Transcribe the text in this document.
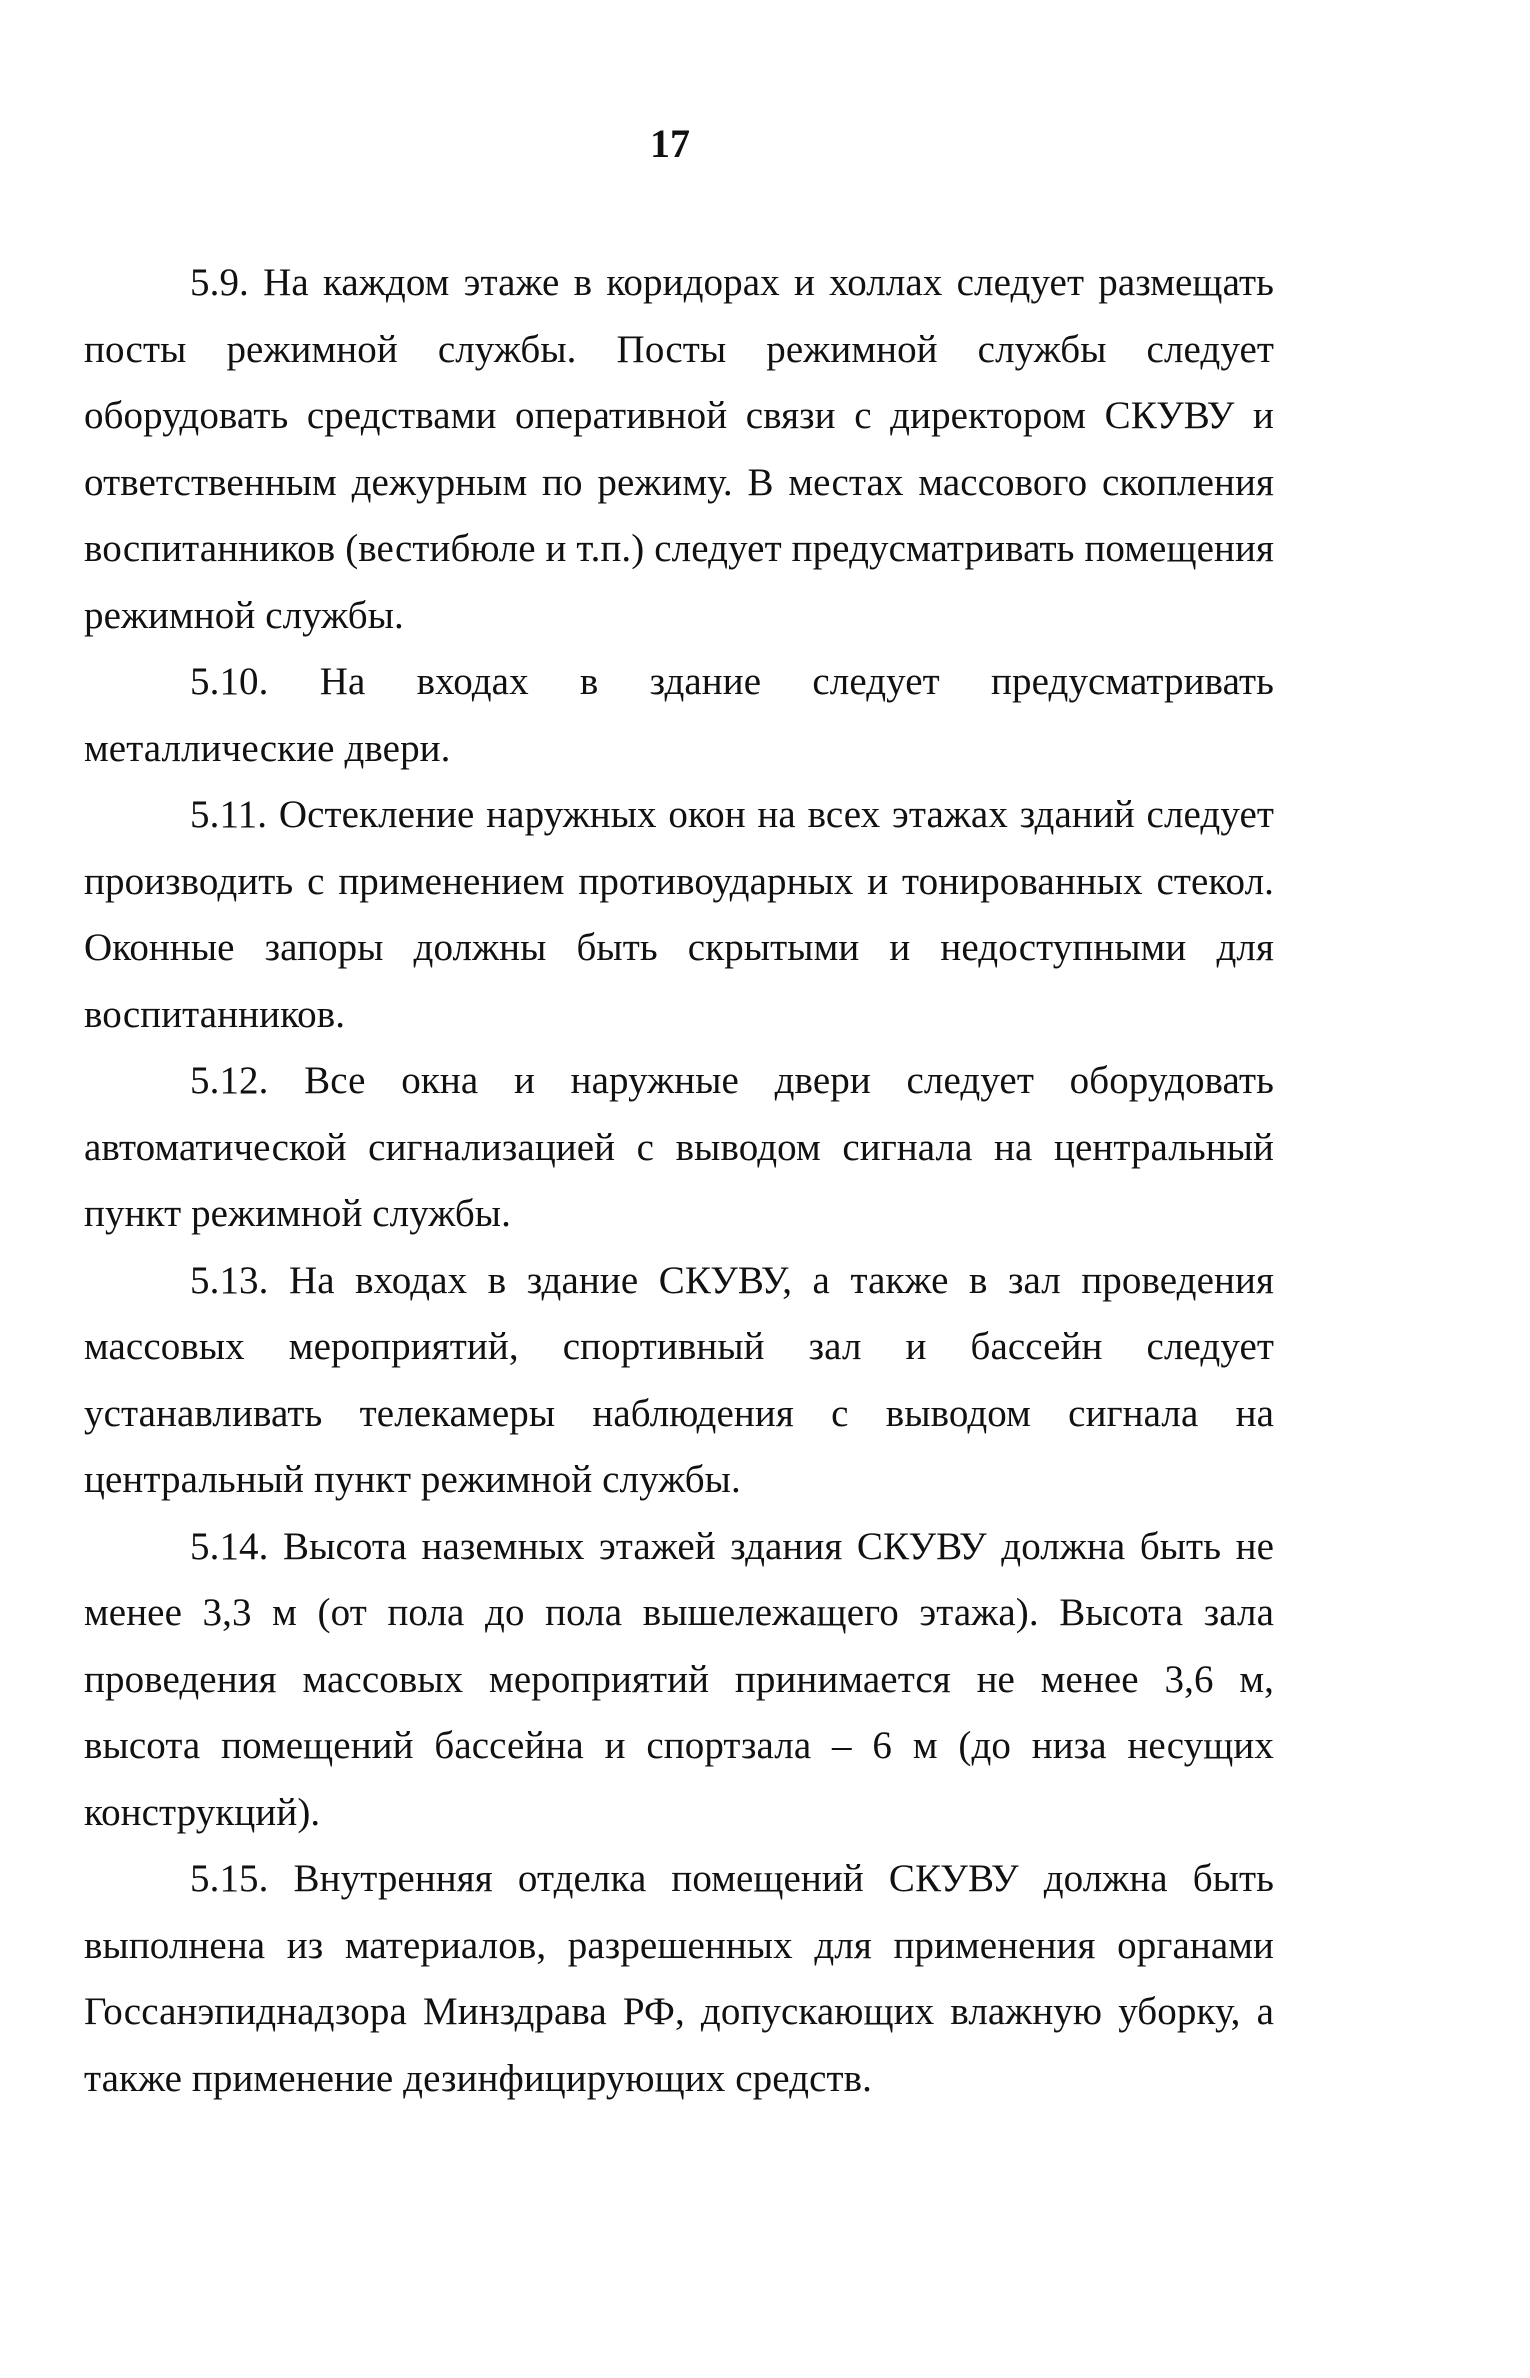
17

5.9. На каждом этаже в коридорах и холлах следует размещать посты режимной службы. Посты режимной службы следует оборудовать средствами оперативной связи с директором СКУВУ и ответственным дежурным по режиму. В местах массового скопления воспитанников (вестибюле и т.п.) следует предусматривать помещения режимной службы.

5.10. На входах в здание следует предусматривать металлические двери.

5.11. Остекление наружных окон на всех этажах зданий следует производить с применением противоударных и тонированных стекол. Оконные запоры должны быть скрытыми и недоступными для воспитанников.

5.12. Все окна и наружные двери следует оборудовать автоматической сигнализацией с выводом сигнала на центральный пункт режимной службы.

5.13. На входах в здание СКУВУ, а также в зал проведения массовых мероприятий, спортивный зал и бассейн следует устанавливать телекамеры наблюдения с выводом сигнала на центральный пункт режимной службы.

5.14. Высота наземных этажей здания СКУВУ должна быть не менее 3,3 м (от пола до пола вышележащего этажа). Высота зала проведения массовых мероприятий принимается не менее 3,6 м, высота помещений бассейна и спортзала – 6 м (до низа несущих конструкций).

5.15. Внутренняя отделка помещений СКУВУ должна быть выполнена из материалов, разрешенных для применения органами Госсанэпиднадзора Минздрава РФ, допускающих влажную уборку, а также применение дезинфицирующих средств.
